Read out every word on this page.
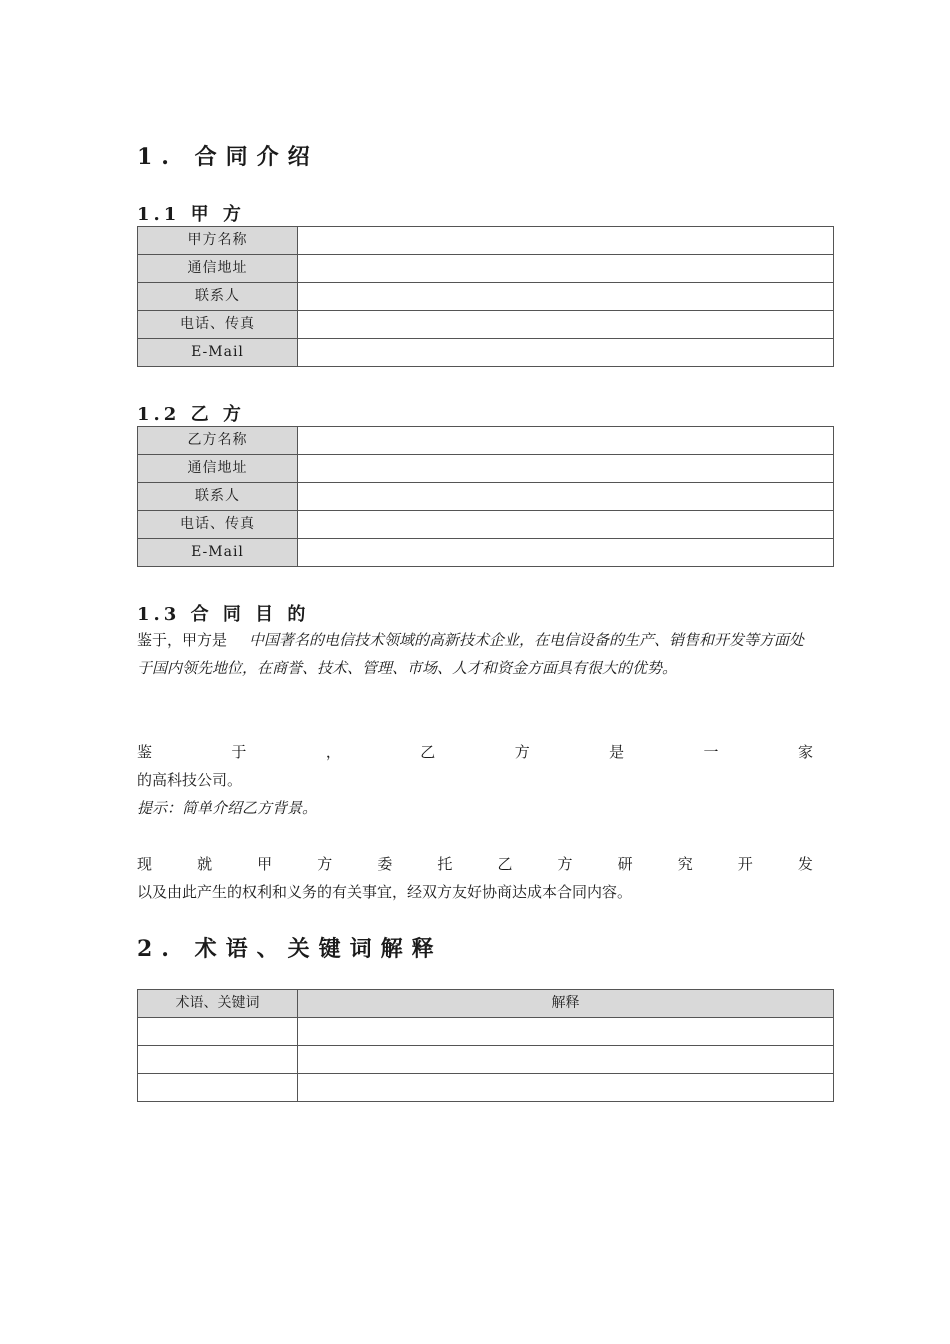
1. 合同介绍
1.1 甲 方
甲方名称	
通信地址	
联系人	
电话、传真	
E-Mail	
1.2 乙 方
乙方名称	
通信地址	
联系人	
电话、传真	
E-Mail	
1.3 合 同 目 的
鉴于，甲方是 中国著名的电信技术领域的高新技术企业，在电信设备的生产、销售和开发等方面处于国内领先地位，在商誉、技术、管理、市场、人才和资金方面具有很大的优势。
鉴	于	，	乙	方	是	一	家
的高科技公司。
提示：简单介绍乙方背景。
现	就	甲	方	委	托	乙	方	研	究	开	发
以及由此产生的权利和义务的有关事宜，经双方友好协商达成本合同内容。
2. 术语、关键词解释
术语、关键词	解释
